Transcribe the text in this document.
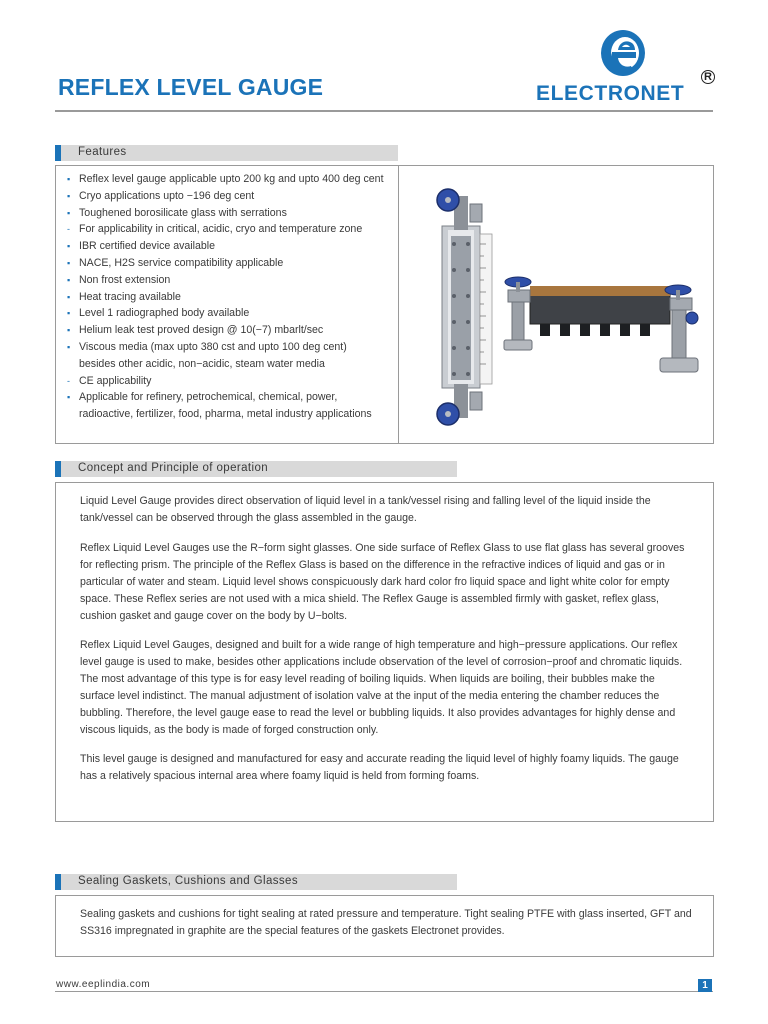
REFLEX LEVEL GAUGE	ELECTRONET
R
Features
▪ Reflex level gauge applicable upto 200 kg and upto 400 deg cent
▪ Cryo applications upto −196 deg cent
▪ Toughened borosilicate glass with serrations
- For applicability in critical, acidic, cryo and temperature zone
▪ IBR certified device available
▪ NACE, H2S service compatibility applicable
▪ Non frost extension
▪ Heat tracing available
▪ Level 1 radiographed body available
▪ Helium leak test proved design @ 10(−7) mbarlt/sec
▪ Viscous media (max upto 380 cst and upto 100 deg cent)
besides other acidic, non−acidic, steam water media
- CE applicability
▪ Applicable for refinery, petrochemical, chemical, power,
radioactive, fertilizer, food, pharma, metal industry applications
Concept and Principle of operation

Liquid Level Gauge provides direct observation of liquid level in a tank/vessel rising and falling level of the liquid inside the tank/vessel can be observed through the glass assembled in the gauge.

Reflex Liquid Level Gauges use the R−form sight glasses. One side surface of Reflex Glass to use flat glass has several grooves for reflecting prism. The principle of the Reflex Glass is based on the difference in the refractive indices of liquid and gas or in particular of water and steam. Liquid level shows conspicuously dark hard color fro liquid space and light white color for empty space. These Reflex series are not used with a mica shield. The Reflex Gauge is assembled firmly with gasket, reflex glass, cushion gasket and gauge cover on the body by U−bolts.

Reflex Liquid Level Gauges, designed and built for a wide range of high temperature and high−pressure applications. Our reflex level gauge is used to make, besides other applications include observation of the level of corrosion−proof and chromatic liquids. The most advantage of this type is for easy level reading of boiling liquids. When liquids are boiling, their bubbles make the surface level indistinct. The manual adjustment of isolation valve at the input of the media entering the chamber reduces the bubbling. Therefore, the level gauge ease to read the level or bubbling liquids. It also provides advantages for highly dense and viscous liquids, as the body is made of forged construction only.

This level gauge is designed and manufactured for easy and accurate reading the liquid level of highly foamy liquids. The gauge has a relatively spacious internal area where foamy liquid is held from forming foams.

Sealing Gaskets, Cushions and Glasses

Sealing gaskets and cushions for tight sealing at rated pressure and temperature. Tight sealing PTFE with glass inserted, GFT and SS316 impregnated in graphite are the special features of the gaskets Electronet provides.

www.eeplindia.com	1
